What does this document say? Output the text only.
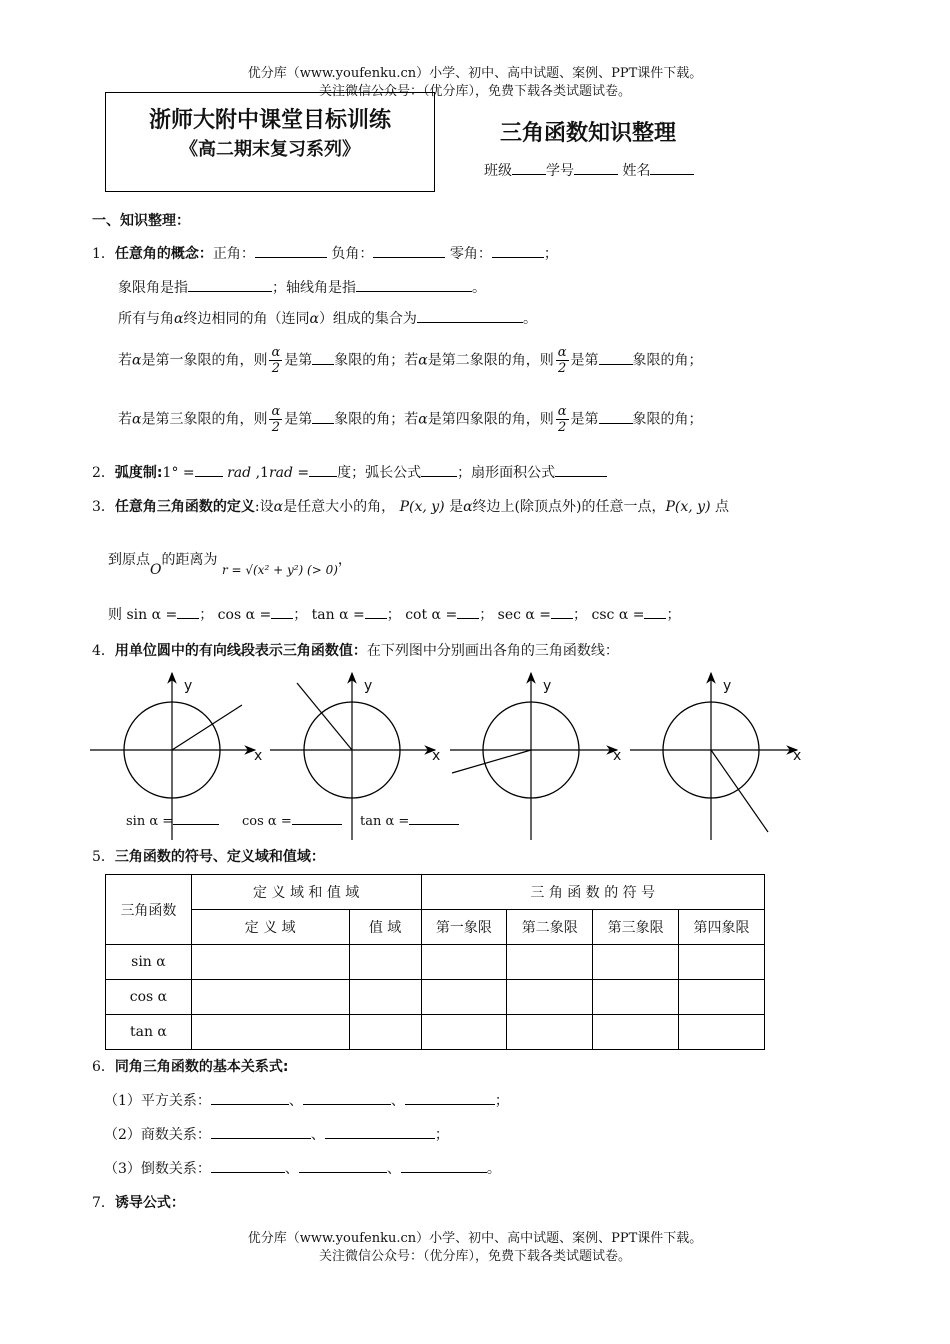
优分库（www.youfenku.cn）小学、初中、高中试题、案例、PPT课件下载。
关注微信公众号：（优分库），免费下载各类试题试卷。
浙师大附中课堂目标训练
《高二期末复习系列》
三角函数知识整理
班级 学号	姓名
一、知识整理：
1．任意角的概念：正角：	负角：	零角：	；
象限角是指	；轴线角是指	。
所有与角α终边相同的角（连同α）组成的集合为	。
若α是第一象限的角，则 $\frac{\alpha}{2}$ 是第 象限的角；若α是第二象限的角，则 $\frac{\alpha}{2}$ 是第 象限的角；
若α是第三象限的角，则 $\frac{\alpha}{2}$ 是第 象限的角；若α是第四象限的角，则 $\frac{\alpha}{2}$ 是第 象限的角；
2．弧度制:1° = rad ,1rad = 度；弧长公式	；扇形面积公式
3．任意角三角函数的定义:设α是任意大小的角， P(x, y) 是α终边上(除顶点外)的任意一点，P(x, y) 点
到原点O的距离为 r = √(x² + y²) (> 0)，
则 sin α = ； cos α = ； tan α = ； cot α = ； sec α = ； csc α = ；
4．用单位圆中的有向线段表示三角函数值：在下列图中分别画出各角的三角函数线：
y
x
y
x
y
x
y
x
sin α =	cos α =	tan α =
5．三角函数的符号、定义域和值域：
三角函数	定 义 域 和 值 域		三 角 函 数 的 符 号			
	定 义 域	值 域	第一象限	第二象限	第三象限	第四象限
sin α						
cos α						
tan α						
6．同角三角函数的基本关系式:
（1）平方关系：	、	、	；
（2）商数关系：	、	；
（3）倒数关系：	、	、	。
7．诱导公式：
优分库（www.youfenku.cn）小学、初中、高中试题、案例、PPT课件下载。
关注微信公众号：（优分库），免费下载各类试题试卷。
